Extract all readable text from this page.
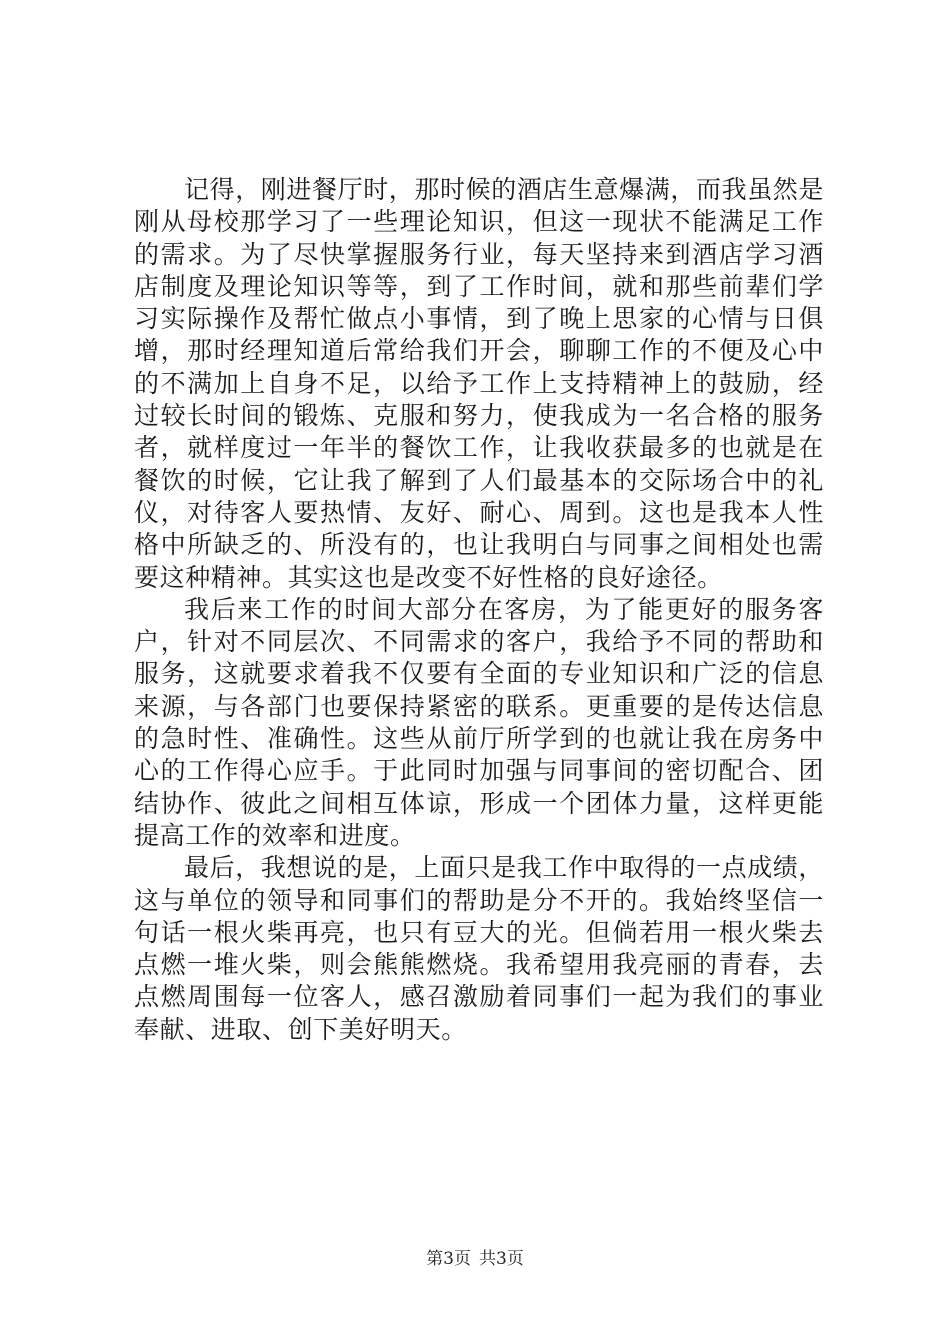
记得，刚进餐厅时，那时候的酒店生意爆满，而我虽然是刚从母校那学习了一些理论知识，但这一现状不能满足工作的需求。为了尽快掌握服务行业，每天坚持来到酒店学习酒店制度及理论知识等等，到了工作时间，就和那些前辈们学习实际操作及帮忙做点小事情，到了晚上思家的心情与日俱增，那时经理知道后常给我们开会，聊聊工作的不便及心中的不满加上自身不足，以给予工作上支持精神上的鼓励，经过较长时间的锻炼、克服和努力，使我成为一名合格的服务者，就样度过一年半的餐饮工作，让我收获最多的也就是在餐饮的时候，它让我了解到了人们最基本的交际场合中的礼仪，对待客人要热情、友好、耐心、周到。这也是我本人性格中所缺乏的、所没有的，也让我明白与同事之间相处也需要这种精神。其实这也是改变不好性格的良好途径。

我后来工作的时间大部分在客房，为了能更好的服务客户，针对不同层次、不同需求的客户，我给予不同的帮助和服务，这就要求着我不仅要有全面的专业知识和广泛的信息来源，与各部门也要保持紧密的联系。更重要的是传达信息的急时性、准确性。这些从前厅所学到的也就让我在房务中心的工作得心应手。于此同时加强与同事间的密切配合、团结协作、彼此之间相互体谅，形成一个团体力量，这样更能提高工作的效率和进度。

最后，我想说的是，上面只是我工作中取得的一点成绩，这与单位的领导和同事们的帮助是分不开的。我始终坚信一句话一根火柴再亮，也只有豆大的光。但倘若用一根火柴去点燃一堆火柴，则会熊熊燃烧。我希望用我亮丽的青春，去点燃周围每一位客人，感召激励着同事们一起为我们的事业奉献、进取、创下美好明天。

第3页 共3页
